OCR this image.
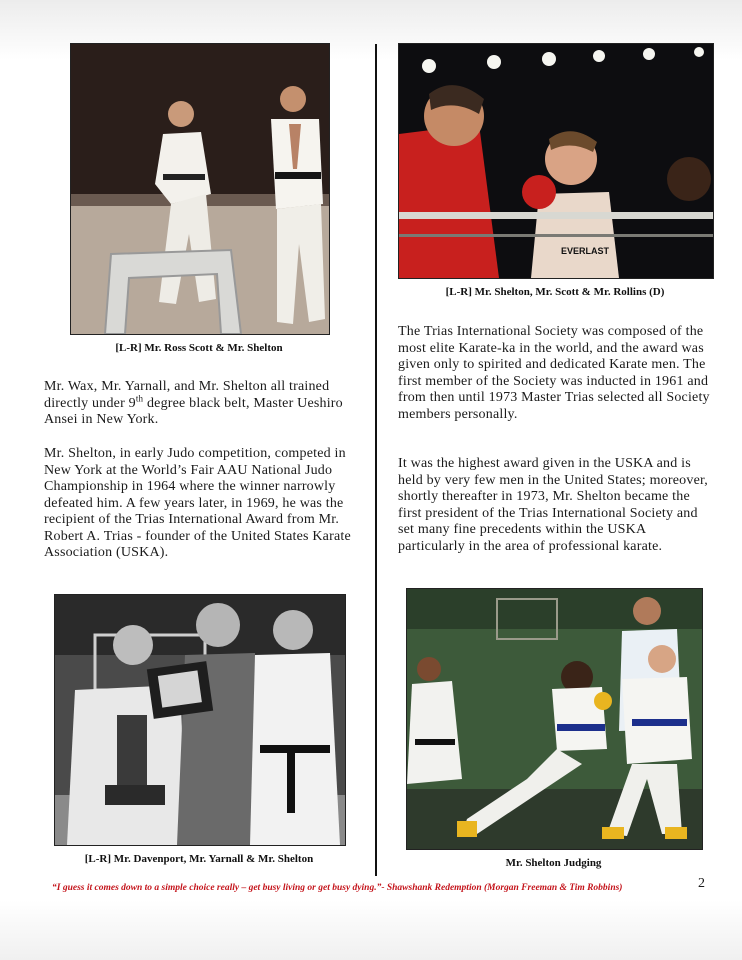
[L-R] Mr. Ross Scott & Mr. Shelton
EVERLAST
[L-R] Mr. Shelton, Mr. Scott & Mr. Rollins (D)

Mr. Wax, Mr. Yarnall, and Mr. Shelton all trained directly under 9th degree black belt, Master Ueshiro Ansei in New York.

Mr. Shelton, in early Judo competition, competed in New York at the World’s Fair AAU National Judo Championship in 1964 where the winner narrowly defeated him. A few years later, in 1969, he was the recipient of the Trias International Award from Mr. Robert A. Trias - founder of the United States Karate Association (USKA).

The Trias International Society was composed of the most elite Karate-ka in the world, and the award was given only to spirited and dedicated Karate men. The first member of the Society was inducted in 1961 and from then until 1973 Master Trias selected all Society members personally.

It was the highest award given in the USKA and is held by very few men in the United States; moreover, shortly thereafter in 1973, Mr. Shelton became the first president of the Trias International Society and set many fine precedents within the USKA particularly in the area of professional karate.

[L-R] Mr. Davenport, Mr. Yarnall & Mr. Shelton	Mr. Shelton Judging
“I guess it comes down to a simple choice really – get busy living or get busy dying.”- Shawshank Redemption (Morgan Freeman & Tim Robbins)	2
